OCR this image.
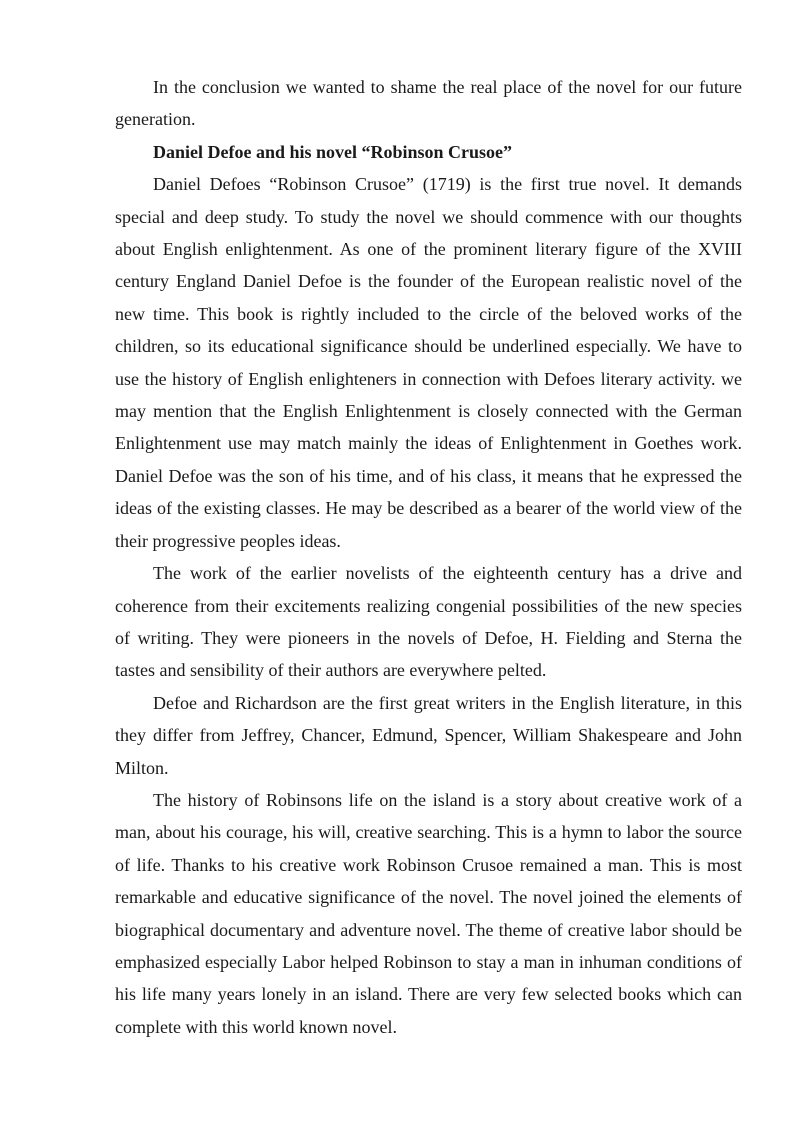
In the conclusion we wanted to shame the real place of the novel for our future generation.

Daniel Defoe and his novel “Robinson Crusoe”

Daniel Defoes “Robinson Crusoe” (1719) is the first true novel. It demands special and deep study. To study the novel we should commence with our thoughts about English enlightenment. As one of the prominent literary figure of the XVIII century England Daniel Defoe is the founder of the European realistic novel of the new time. This book is rightly included to the circle of the beloved works of the children, so its educational significance should be underlined especially. We have to use the history of English enlighteners in connection with Defoes literary activity. we may mention that the English Enlightenment is closely connected with the German Enlightenment use may match mainly the ideas of Enlightenment in Goethes work. Daniel Defoe was the son of his time, and of his class, it means that he expressed the ideas of the existing classes. He may be described as a bearer of the world view of the their progressive peoples ideas.

The work of the earlier novelists of the eighteenth century has a drive and coherence from their excitements realizing congenial possibilities of the new species of writing. They were pioneers in the novels of Defoe, H. Fielding and Sterna the tastes and sensibility of their authors are everywhere pelted.

Defoe and Richardson are the first great writers in the English literature, in this they differ from Jeffrey, Chancer, Edmund, Spencer, William Shakespeare and John Milton.

The history of Robinsons life on the island is a story about creative work of a man, about his courage, his will, creative searching. This is a hymn to labor the source of life. Thanks to his creative work Robinson Crusoe remained a man. This is most remarkable and educative significance of the novel. The novel joined the elements of biographical documentary and adventure novel. The theme of creative labor should be emphasized especially Labor helped Robinson to stay a man in inhuman conditions of his life many years lonely in an island. There are very few selected books which can complete with this world known novel.
